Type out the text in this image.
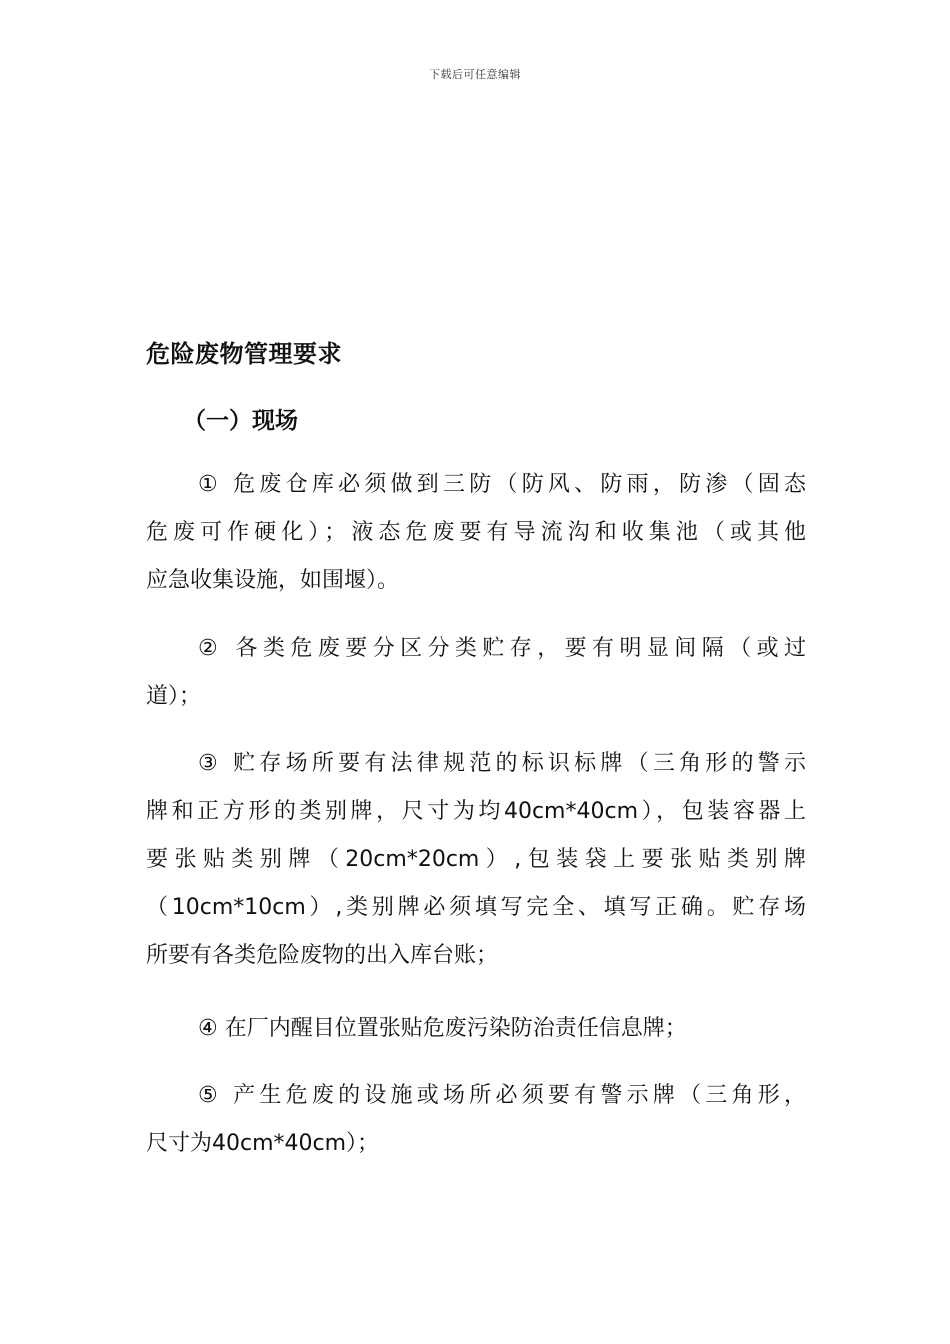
下载后可任意编辑
危险废物管理要求
（一）现场
① 危废仓库必须做到三防（防风、防雨，防渗（固态
危废可作硬化）；液态危废要有导流沟和收集池（或其他
应急收集设施，如围堰）。
② 各类危废要分区分类贮存，要有明显间隔（或过
道）；
③ 贮存场所要有法律规范的标识标牌（三角形的警示
牌和正方形的类别牌，尺寸为均40cm*40cm），包装容器上
要张贴类别牌（20cm*20cm）,包装袋上要张贴类别牌
（10cm*10cm）,类别牌必须填写完全、填写正确。贮存场
所要有各类危险废物的出入库台账；
④ 在厂内醒目位置张贴危废污染防治责任信息牌；
⑤ 产生危废的设施或场所必须要有警示牌（三角形，
尺寸为40cm*40cm）；
